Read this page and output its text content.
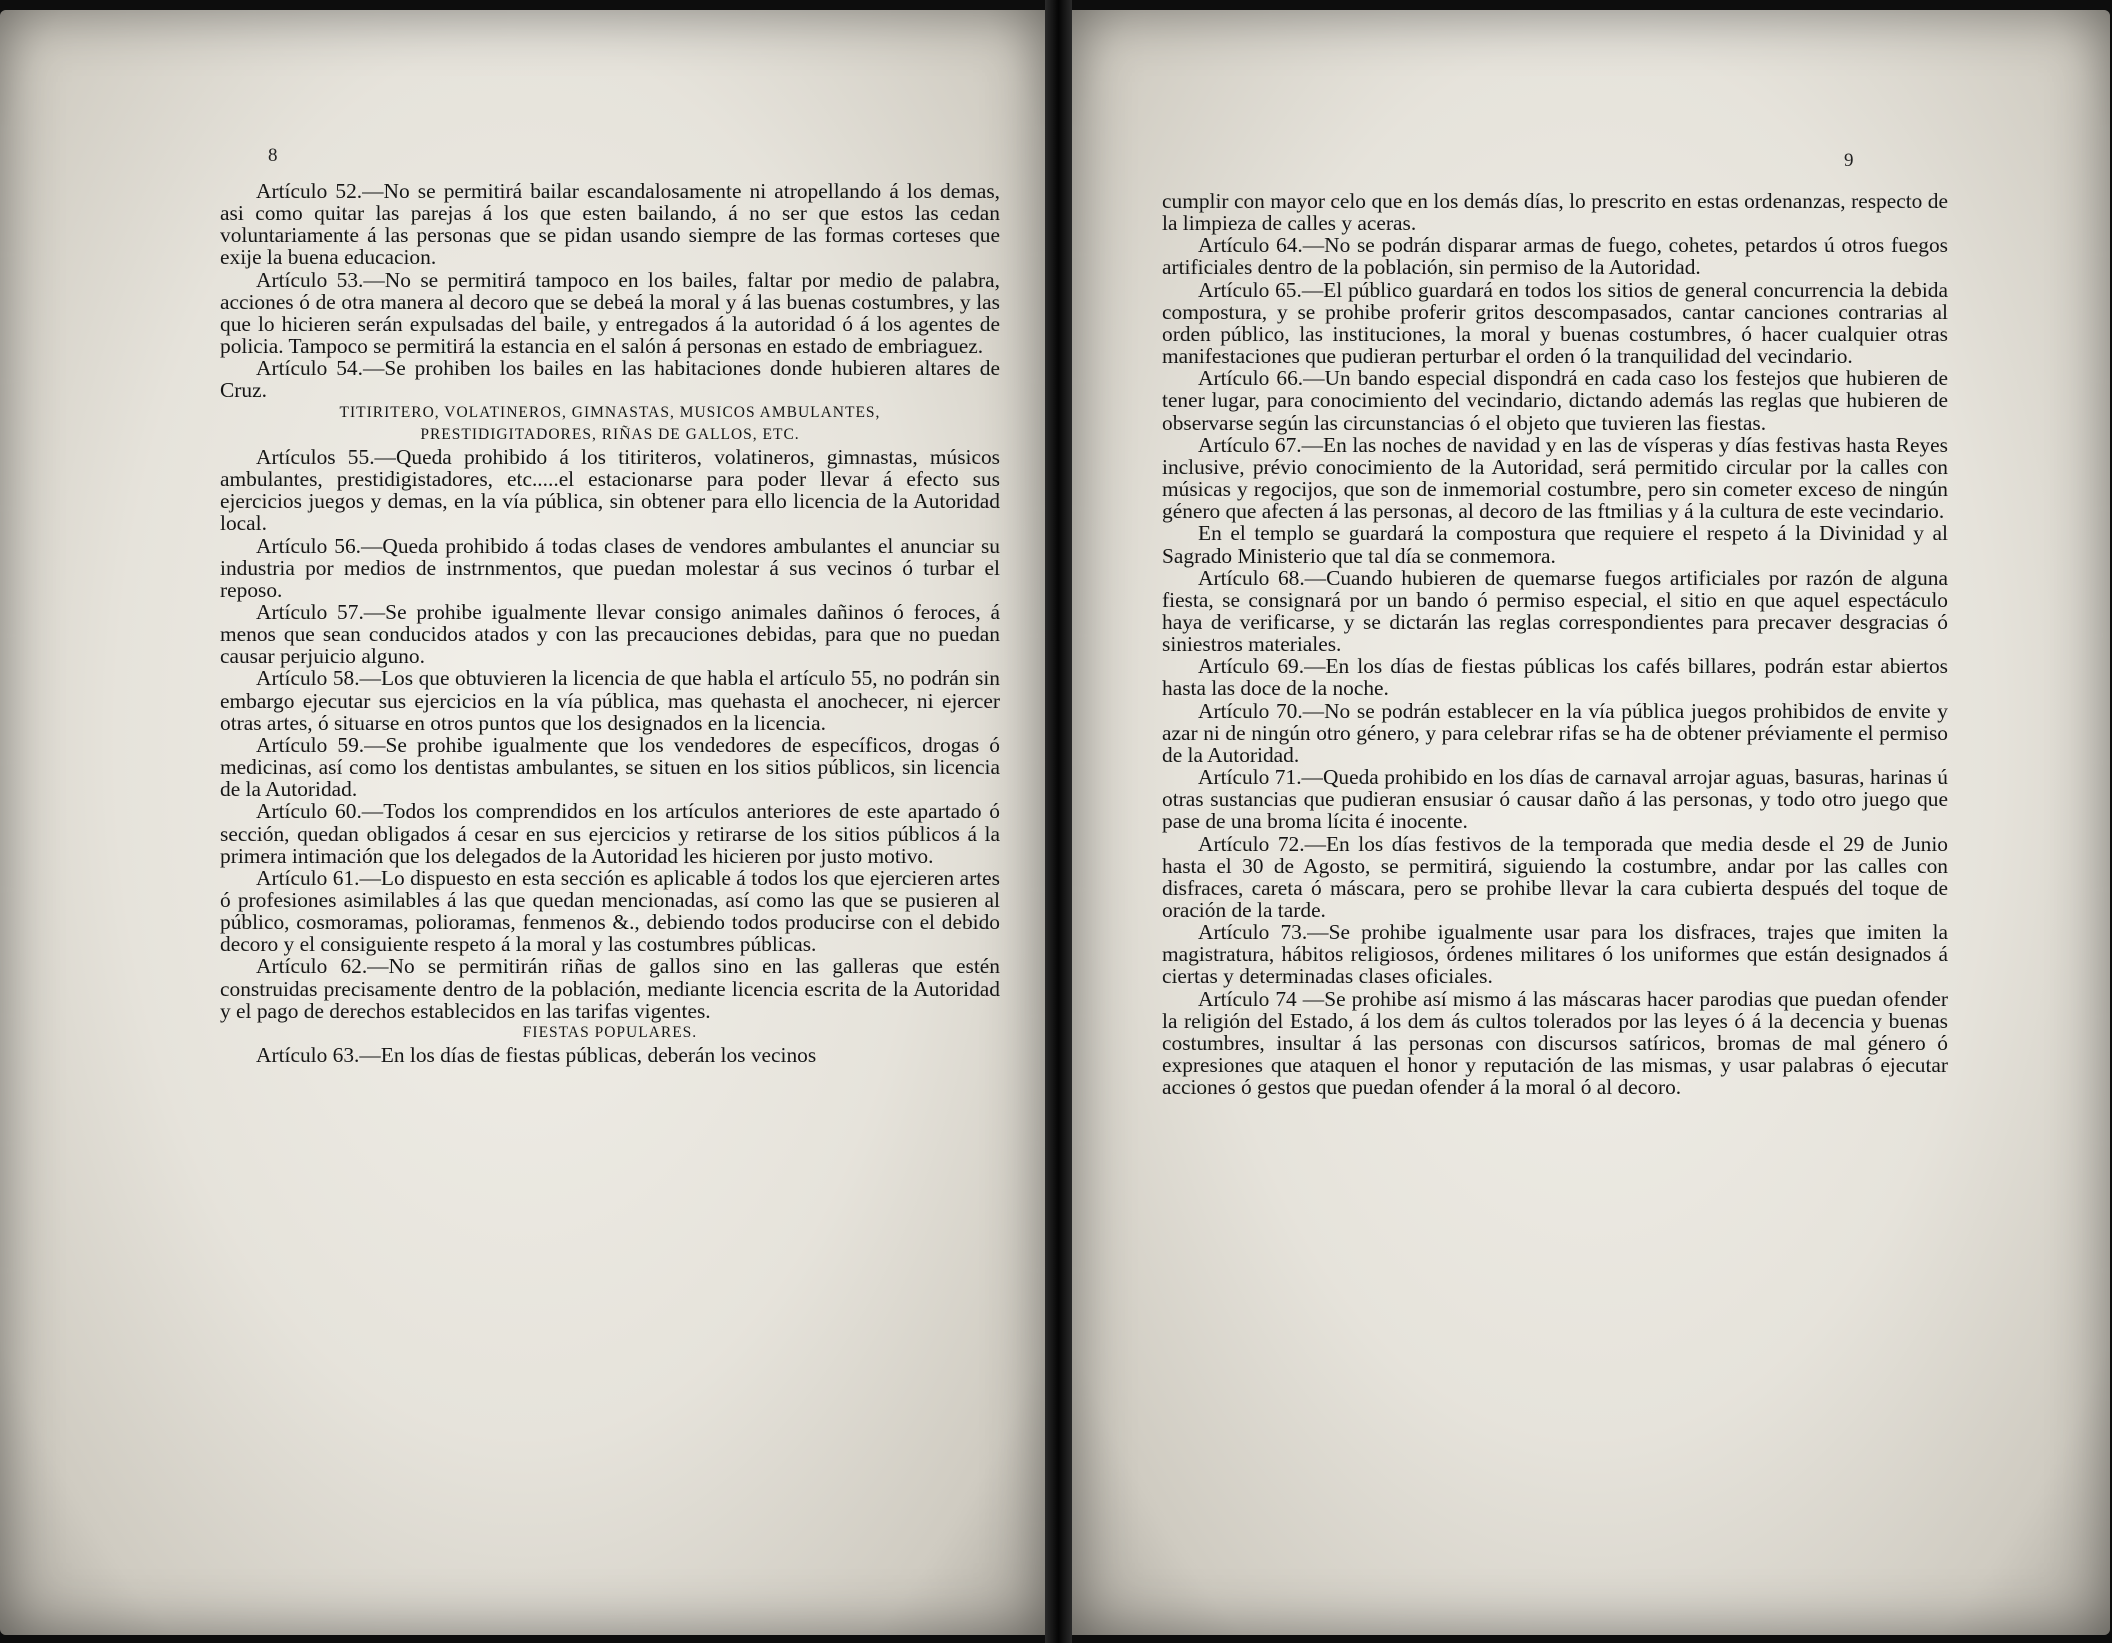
8

Artículo 52.—No se permitirá bailar escandalosamente ni atropellando á los demas, asi como quitar las parejas á los que esten bailando, á no ser que estos las cedan voluntariamente á las personas que se pidan usando siempre de las formas corteses que exije la buena educacion.

Artículo 53.—No se permitirá tampoco en los bailes, faltar por medio de palabra, acciones ó de otra manera al decoro que se debeá la moral y á las buenas costumbres, y las que lo hicieren serán expulsadas del baile, y entregados á la autoridad ó á los agentes de policia. Tampoco se permitirá la estancia en el salón á personas en estado de embriaguez.

Artículo 54.—Se prohiben los bailes en las habitaciones donde hubieren altares de Cruz.

TITIRITERO, VOLATINEROS, GIMNASTAS, MUSICOS AMBULANTES,

PRESTIDIGITADORES, RIÑAS DE GALLOS, ETC.

Artículos 55.—Queda prohibido á los titiriteros, volatineros, gimnastas, músicos ambulantes, prestidigistadores, etc.....el estacionarse para poder llevar á efecto sus ejercicios juegos y demas, en la vía pública, sin obtener para ello licencia de la Autoridad local.

Artículo 56.—Queda prohibido á todas clases de vendores ambulantes el anunciar su industria por medios de instrnmentos, que puedan molestar á sus vecinos ó turbar el reposo.

Artículo 57.—Se prohibe igualmente llevar consigo animales dañinos ó feroces, á menos que sean conducidos atados y con las precauciones debidas, para que no puedan causar perjuicio alguno.

Artículo 58.—Los que obtuvieren la licencia de que habla el artículo 55, no podrán sin embargo ejecutar sus ejercicios en la vía pública, mas quehasta el anochecer, ni ejercer otras artes, ó situarse en otros puntos que los designados en la licencia.

Artículo 59.—Se prohibe igualmente que los vendedores de específicos, drogas ó medicinas, así como los dentistas ambulantes, se situen en los sitios públicos, sin licencia de la Autoridad.

Artículo 60.—Todos los comprendidos en los artículos anteriores de este apartado ó sección, quedan obligados á cesar en sus ejercicios y retirarse de los sitios públicos á la primera intimación que los delegados de la Autoridad les hicieren por justo motivo.

Artículo 61.—Lo dispuesto en esta sección es aplicable á todos los que ejercieren artes ó profesiones asimilables á las que quedan mencionadas, así como las que se pusieren al público, cosmoramas, polioramas, fenmenos &., debiendo todos producirse con el debido decoro y el consiguiente respeto á la moral y las costumbres públicas.

Artículo 62.—No se permitirán riñas de gallos sino en las galleras que estén construidas precisamente dentro de la población, mediante licencia escrita de la Autoridad y el pago de derechos establecidos en las tarifas vigentes.

FIESTAS POPULARES.

Artículo 63.—En los días de fiestas públicas, deberán los vecinos

9

cumplir con mayor celo que en los demás días, lo prescrito en estas ordenanzas, respecto de la limpieza de calles y aceras.

Artículo 64.—No se podrán disparar armas de fuego, cohetes, petardos ú otros fuegos artificiales dentro de la población, sin permiso de la Autoridad.

Artículo 65.—El público guardará en todos los sitios de general concurrencia la debida compostura, y se prohibe proferir gritos descompasados, cantar canciones contrarias al orden público, las instituciones, la moral y buenas costumbres, ó hacer cualquier otras manifestaciones que pudieran perturbar el orden ó la tranquilidad del vecindario.

Artículo 66.—Un bando especial dispondrá en cada caso los festejos que hubieren de tener lugar, para conocimiento del vecindario, dictando además las reglas que hubieren de observarse según las circunstancias ó el objeto que tuvieren las fiestas.

Artículo 67.—En las noches de navidad y en las de vísperas y días festivas hasta Reyes inclusive, prévio conocimiento de la Autoridad, será permitido circular por la calles con músicas y regocijos, que son de inmemorial costumbre, pero sin cometer exceso de ningún género que afecten á las personas, al decoro de las ftmilias y á la cultura de este vecindario.

En el templo se guardará la compostura que requiere el respeto á la Divinidad y al Sagrado Ministerio que tal día se conmemora.

Artículo 68.—Cuando hubieren de quemarse fuegos artificiales por razón de alguna fiesta, se consignará por un bando ó permiso especial, el sitio en que aquel espectáculo haya de verificarse, y se dictarán las reglas correspondientes para precaver desgracias ó siniestros materiales.

Artículo 69.—En los días de fiestas públicas los cafés billares, podrán estar abiertos hasta las doce de la noche.

Artículo 70.—No se podrán establecer en la vía pública juegos prohibidos de envite y azar ni de ningún otro género, y para celebrar rifas se ha de obtener préviamente el permiso de la Autoridad.

Artículo 71.—Queda prohibido en los días de carnaval arrojar aguas, basuras, harinas ú otras sustancias que pudieran ensusiar ó causar daño á las personas, y todo otro juego que pase de una broma lícita é inocente.

Artículo 72.—En los días festivos de la temporada que media desde el 29 de Junio hasta el 30 de Agosto, se permitirá, siguiendo la costumbre, andar por las calles con disfraces, careta ó máscara, pero se prohibe llevar la cara cubierta después del toque de oración de la tarde.

Artículo 73.—Se prohibe igualmente usar para los disfraces, trajes que imiten la magistratura, hábitos religiosos, órdenes militares ó los uniformes que están designados á ciertas y determinadas clases oficiales.

Artículo 74 —Se prohibe así mismo á las máscaras hacer parodias que puedan ofender la religión del Estado, á los dem ás cultos tolerados por las leyes ó á la decencia y buenas costumbres, insultar á las personas con discursos satíricos, bromas de mal género ó expresiones que ataquen el honor y reputación de las mismas, y usar palabras ó ejecutar acciones ó gestos que puedan ofender á la moral ó al decoro.
